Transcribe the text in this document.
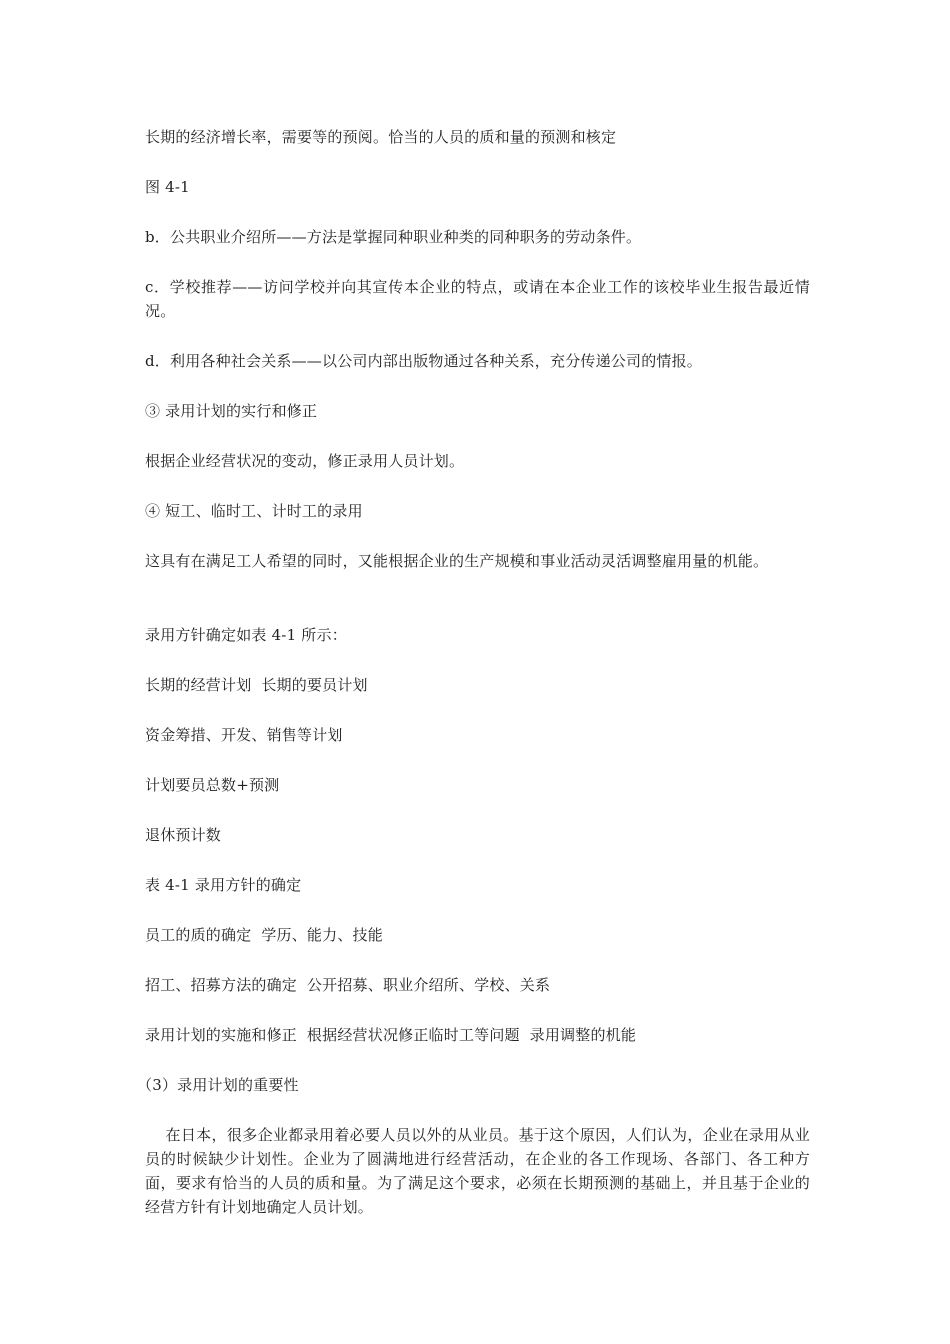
长期的经济增长率，需要等的预阅。恰当的人员的质和量的预测和核定

图 4-1

b．公共职业介绍所——方法是掌握同种职业种类的同种职务的劳动条件。

c．学校推荐——访问学校并向其宣传本企业的特点，或请在本企业工作的该校毕业生报告最近情况。

d．利用各种社会关系——以公司内部出版物通过各种关系，充分传递公司的情报。

③ 录用计划的实行和修正

根据企业经营状况的变动，修正录用人员计划。

④ 短工、临时工、计时工的录用

这具有在满足工人希望的同时，又能根据企业的生产规模和事业活动灵活调整雇用量的机能。

录用方针确定如表 4-1 所示：

长期的经营计划  长期的要员计划

资金筹措、开发、销售等计划

计划要员总数+预测

退休预计数

表 4-1 录用方针的确定

员工的质的确定  学历、能力、技能

招工、招募方法的确定  公开招募、职业介绍所、学校、关系

录用计划的实施和修正  根据经营状况修正临时工等问题  录用调整的机能

（3）录用计划的重要性

在日本，很多企业都录用着必要人员以外的从业员。基于这个原因，人们认为，企业在录用从业员的时候缺少计划性。企业为了圆满地进行经营活动，在企业的各工作现场、各部门、各工种方面，要求有恰当的人员的质和量。为了满足这个要求，必须在长期预测的基础上，并且基于企业的经营方针有计划地确定人员计划。
